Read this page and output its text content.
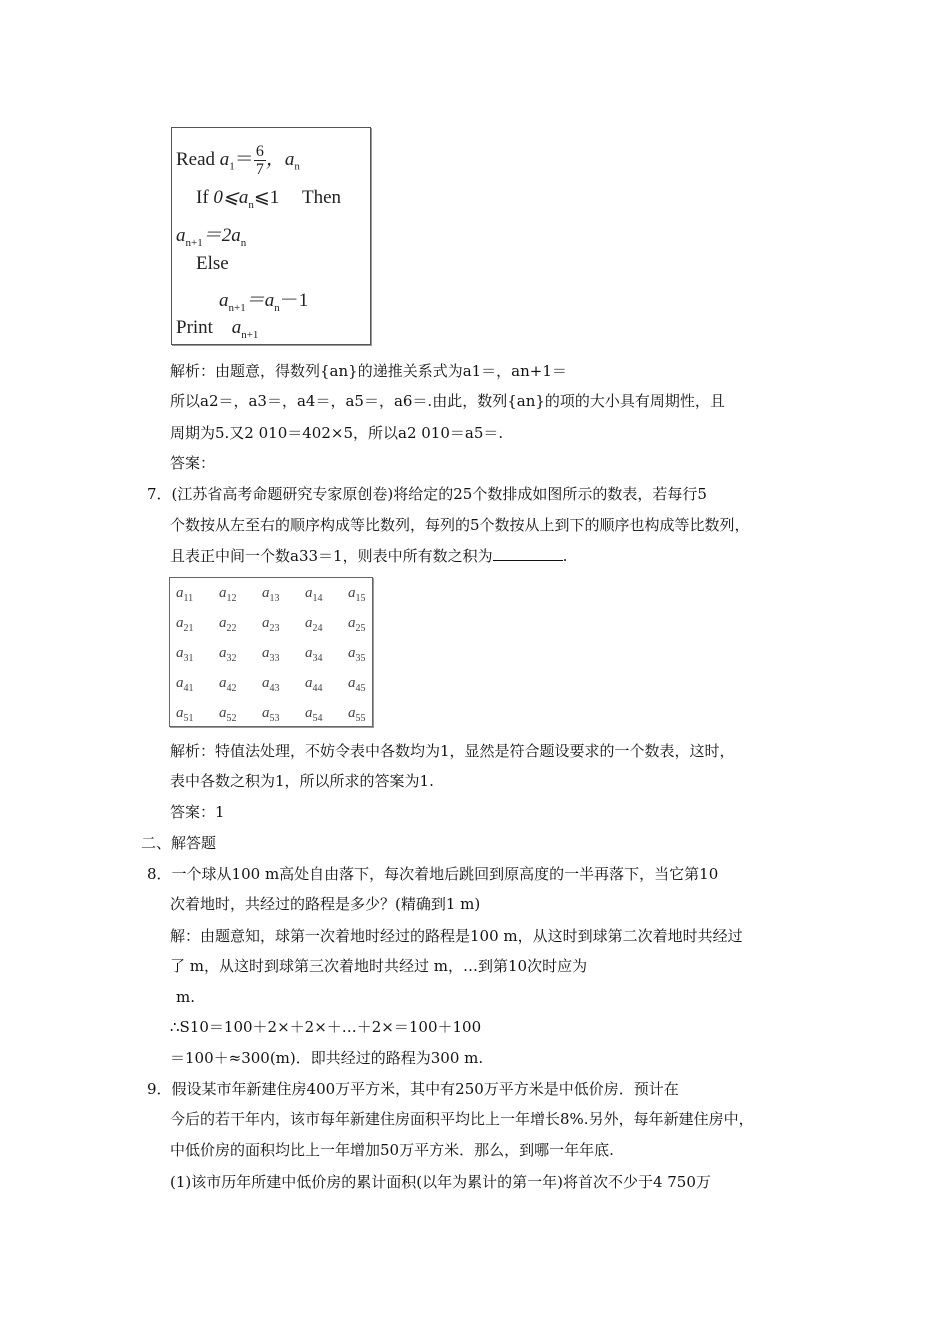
Read $a_1= \frac{6}{7}$ ，$a_n$
If $0⩽a_n⩽1$ Then
$a_{n+1}=2a_n$
Else
$a_{n+1}=a_n-1$
Print $a_{n+1}$
解析：由题意，得数列{an}的递推关系式为a1＝，an+1＝
所以a2＝，a3＝，a4＝，a5＝，a6＝.由此，数列{an}的项的大小具有周期性，且
周期为5.又2 010＝402×5，所以a2 010＝a5＝.
答案：
7．(江苏省高考命题研究专家原创卷)将给定的25个数排成如图所示的数表，若每行5
个数按从左至右的顺序构成等比数列，每列的5个数按从上到下的顺序也构成等比数列，
且表正中间一个数a33＝1，则表中所有数之积为	.
$a_{11}$	$a_{12}$	$a_{13}$	$a_{14}$	$a_{15}$
$a_{21}$	$a_{22}$	$a_{23}$	$a_{24}$	$a_{25}$
$a_{31}$	$a_{32}$	$a_{33}$	$a_{34}$	$a_{35}$
$a_{41}$	$a_{42}$	$a_{43}$	$a_{44}$	$a_{45}$
$a_{51}$	$a_{52}$	$a_{53}$	$a_{54}$	$a_{55}$
解析：特值法处理，不妨令表中各数均为1，显然是符合题设要求的一个数表，这时，
表中各数之积为1，所以所求的答案为1.
答案：1
二、解答题
8．一个球从100 m高处自由落下，每次着地后跳回到原高度的一半再落下，当它第10
次着地时，共经过的路程是多少？(精确到1 m)
解：由题意知，球第一次着地时经过的路程是100 m，从这时到球第二次着地时共经过
了 m，从这时到球第三次着地时共经过 m，…到第10次时应为
m.
∴S10＝100＋2×＋2×＋…＋2×＝100＋100
＝100＋≈300(m)．即共经过的路程为300 m.
9．假设某市年新建住房400万平方米，其中有250万平方米是中低价房．预计在
今后的若干年内，该市每年新建住房面积平均比上一年增长8%.另外，每年新建住房中，
中低价房的面积均比上一年增加50万平方米．那么，到哪一年年底.
(1)该市历年所建中低价房的累计面积(以年为累计的第一年)将首次不少于4 750万
